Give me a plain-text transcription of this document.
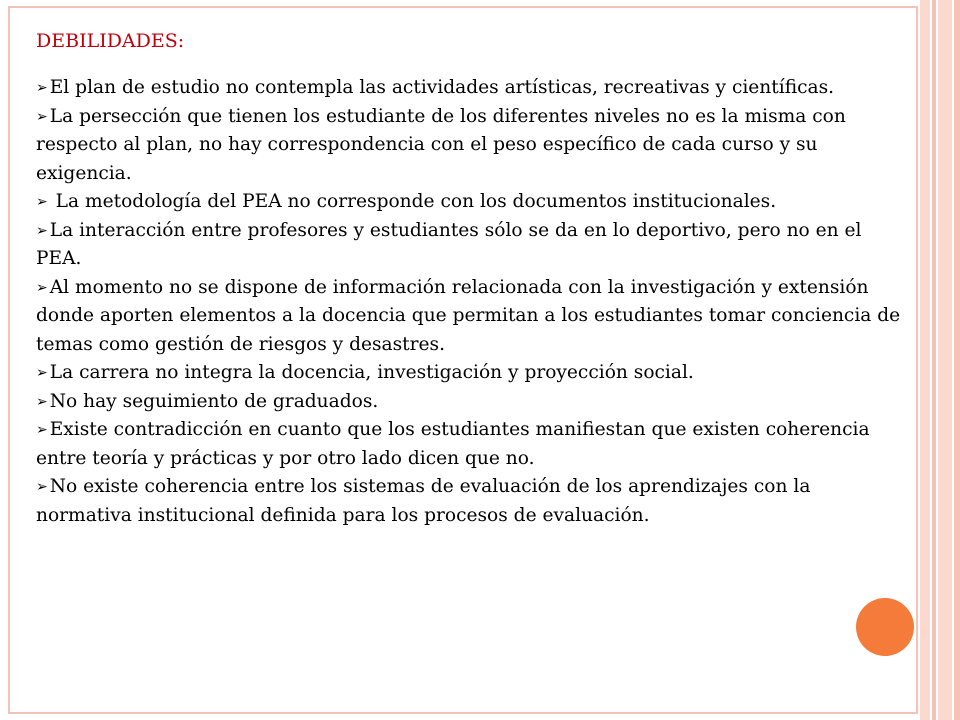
DEBILIDADES:
➢ El plan de estudio no contempla las actividades artísticas, recreativas y científicas.
➢ La persección que tienen los estudiante de los diferentes niveles no es la misma con respecto al plan, no hay correspondencia con el peso específico de cada curso y su exigencia.
➢ La metodología del PEA no corresponde con los documentos institucionales.
➢ La interacción entre profesores y estudiantes sólo se da en lo deportivo, pero no en el PEA.
➢ Al momento no se dispone de información relacionada con la investigación y extensión donde aporten elementos a la docencia que permitan a los estudiantes tomar conciencia de temas como gestión de riesgos y desastres.
➢ La carrera no integra la docencia, investigación y proyección social.
➢ No hay seguimiento de graduados.
➢ Existe contradicción en cuanto que los estudiantes manifiestan que existen coherencia entre teoría y prácticas y por otro lado dicen que no.
➢ No existe coherencia entre los sistemas de evaluación de los aprendizajes con la normativa institucional definida para los procesos de evaluación.
